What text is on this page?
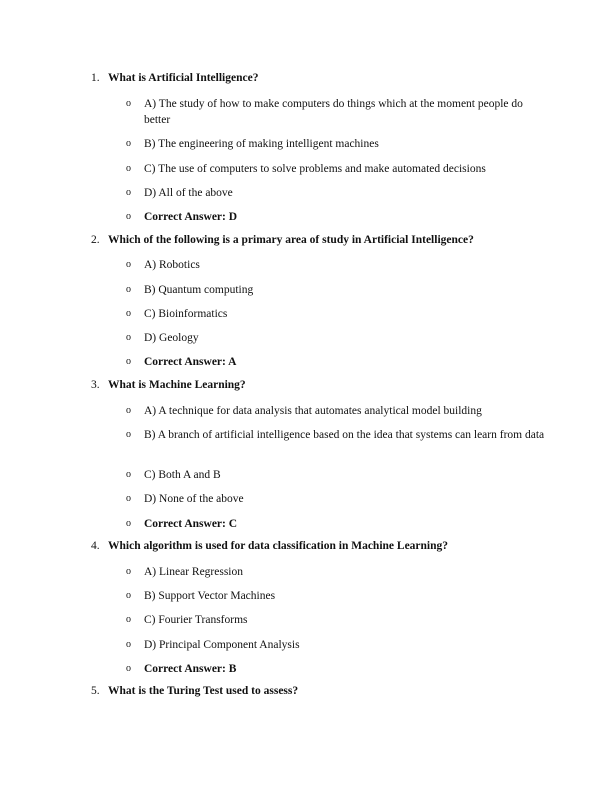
1. What is Artificial Intelligence?
o	A) The study of how to make computers do things which at the moment people do better
o	B) The engineering of making intelligent machines
o	C) The use of computers to solve problems and make automated decisions
o	D) All of the above
o	Correct Answer: D
2. Which of the following is a primary area of study in Artificial Intelligence?
o	A) Robotics
o	B) Quantum computing
o	C) Bioinformatics
o	D) Geology
o	Correct Answer: A
3. What is Machine Learning?
o	A) A technique for data analysis that automates analytical model building
o	B) A branch of artificial intelligence based on the idea that systems can learn from data
o	C) Both A and B
o	D) None of the above
o	Correct Answer: C
4. Which algorithm is used for data classification in Machine Learning?
o	A) Linear Regression
o	B) Support Vector Machines
o	C) Fourier Transforms
o	D) Principal Component Analysis
o	Correct Answer: B
5. What is the Turing Test used to assess?
